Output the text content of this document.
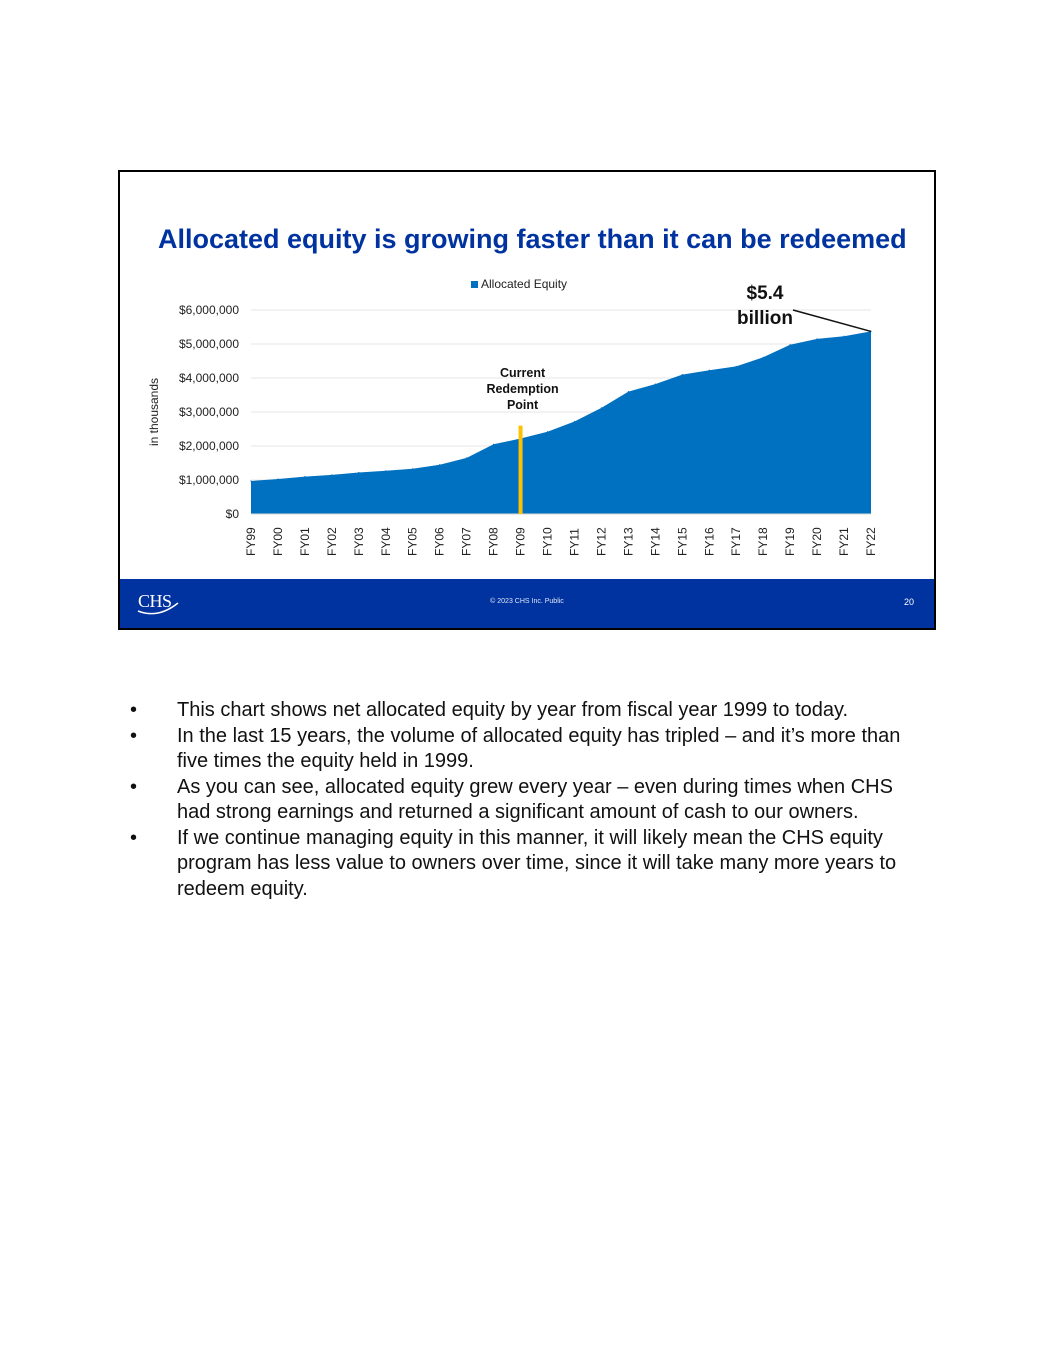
Allocated equity is growing faster than it can be redeemed
$0
$1,000,000
$2,000,000
$3,000,000
$4,000,000
$5,000,000
$6,000,000
in thousands
FY99 FY00 FY01 FY02 FY03 FY04 FY05 FY06 FY07 FY08 FY09 FY10 FY11 FY12 FY13 FY14 FY15 FY16 FY17 FY18 FY19 FY20 FY21 FY22
Allocated Equity
Current
Redemption
Point
$5.4
billion
CHS	© 2023 CHS Inc. Public	20
• This chart shows net allocated equity by year from fiscal year 1999 to today.
• In the last 15 years, the volume of allocated equity has tripled – and it’s more than five times the equity held in 1999.
• As you can see, allocated equity grew every year – even during times when CHS had strong earnings and returned a significant amount of cash to our owners.
• If we continue managing equity in this manner, it will likely mean the CHS equity program has less value to owners over time, since it will take many more years to redeem equity.
